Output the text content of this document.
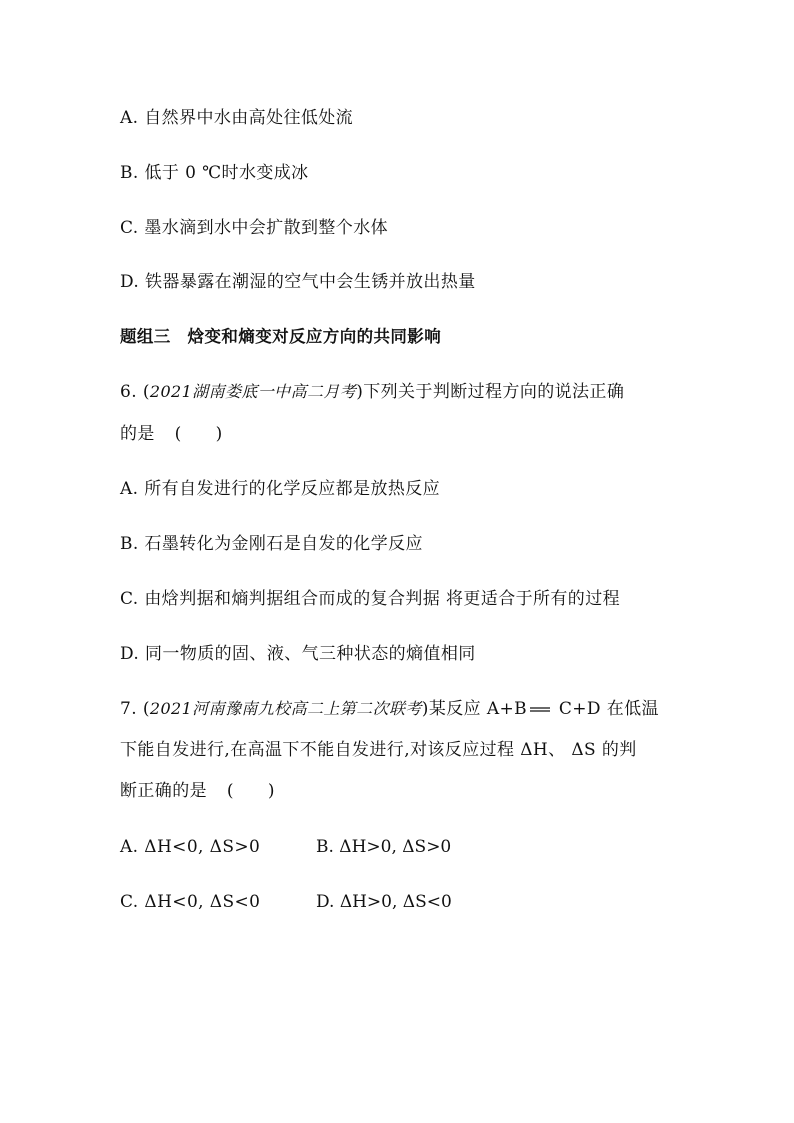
A. 自然界中水由高处往低处流
B. 低于 0 ℃时水变成冰
C. 墨水滴到水中会扩散到整个水体
D. 铁器暴露在潮湿的空气中会生锈并放出热量
题组三　焓变和熵变对反应方向的共同影响
6. (2021湖南娄底一中高二月考)下列关于判断过程方向的说法正确
的是 ( )
A. 所有自发进行的化学反应都是放热反应
B. 石墨转化为金刚石是自发的化学反应
C. 由焓判据和熵判据组合而成的复合判据 将更适合于所有的过程
D. 同一物质的固、液、气三种状态的熵值相同
7. (2021河南豫南九校高二上第二次联考)某反应 A+B C+D 在低温
下能自发进行,在高温下不能自发进行,对该反应过程 ΔH、 ΔS 的判
断正确的是 ( )
A. ΔH<0, ΔS>0	B. ΔH>0, ΔS>0
C. ΔH<0, ΔS<0	D. ΔH>0, ΔS<0
